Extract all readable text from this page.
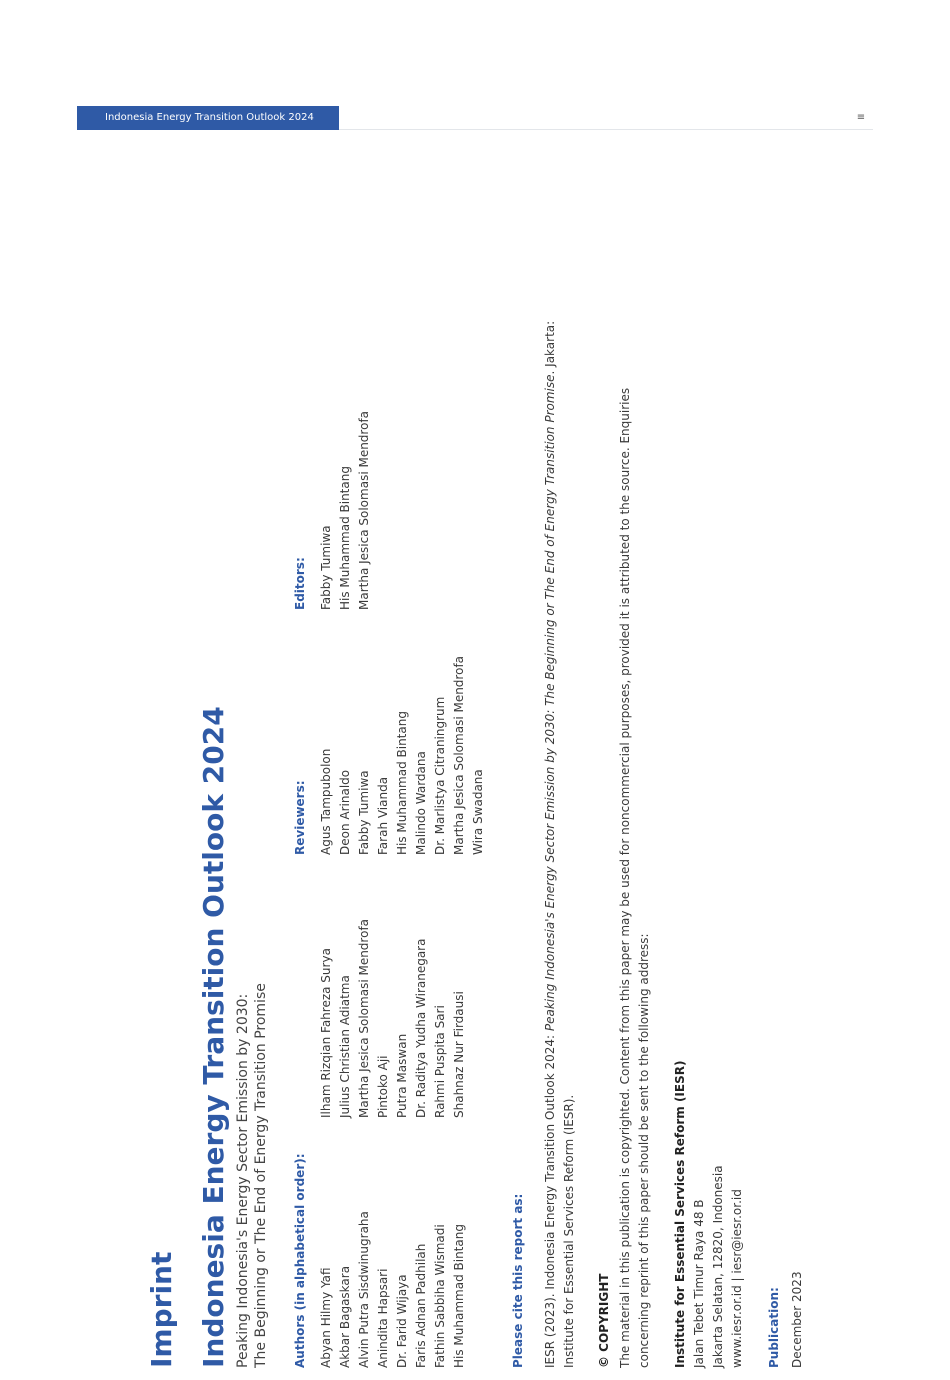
Indonesia Energy Transition Outlook 2024	≡
Imprint Indonesia Energy Transition Outlook 2024 Peaking Indonesia's Energy Sector Emission by 2030: The Beginning or The End of Energy Transition Promise Authors (in alphabetical order): Abyan Hilmy Yafi Akbar Bagaskara Alvin Putra Sisdwinugraha Anindita Hapsari Dr. Farid Wijaya Faris Adnan Padhilah Fathin Sabbiha Wismadi His Muhammad Bintang
Ilham Rizqian Fahreza Surya Julius Christian Adiatma Martha Jesica Solomasi Mendrofa Pintoko Aji Putra Maswan Dr. Raditya Yudha Wiranegara Rahmi Puspita Sari Shahnaz Nur Firdausi
Reviewers: Agus Tampubolon Deon Arinaldo Fabby Tumiwa Farah Vianda His Muhammad Bintang Malindo Wardana Dr. Marlistya Citraningrum Martha Jesica Solomasi Mendrofa Wira Swadana
Editors: Fabby Tumiwa His Muhammad Bintang Martha Jesica Solomasi Mendrofa
Please cite this report as: IESR (2023). Indonesia Energy Transition Outlook 2024: Peaking Indonesia's Energy Sector Emission by 2030: The Beginning or The End of Energy Transition Promise. Jakarta:
Institute for Essential Services Reform (IESR). © COPYRIGHT The material in this publication is copyrighted. Content from this paper may be used for noncommercial purposes, provided it is attributed to the source. Enquiries concerning reprint of this paper should be sent to the following address: Institute for Essential Services Reform (IESR) Jalan Tebet Timur Raya 48 B Jakarta Selatan, 12820, Indonesia www.iesr.or.id | iesr@iesr.or.id Publication: December 2023
